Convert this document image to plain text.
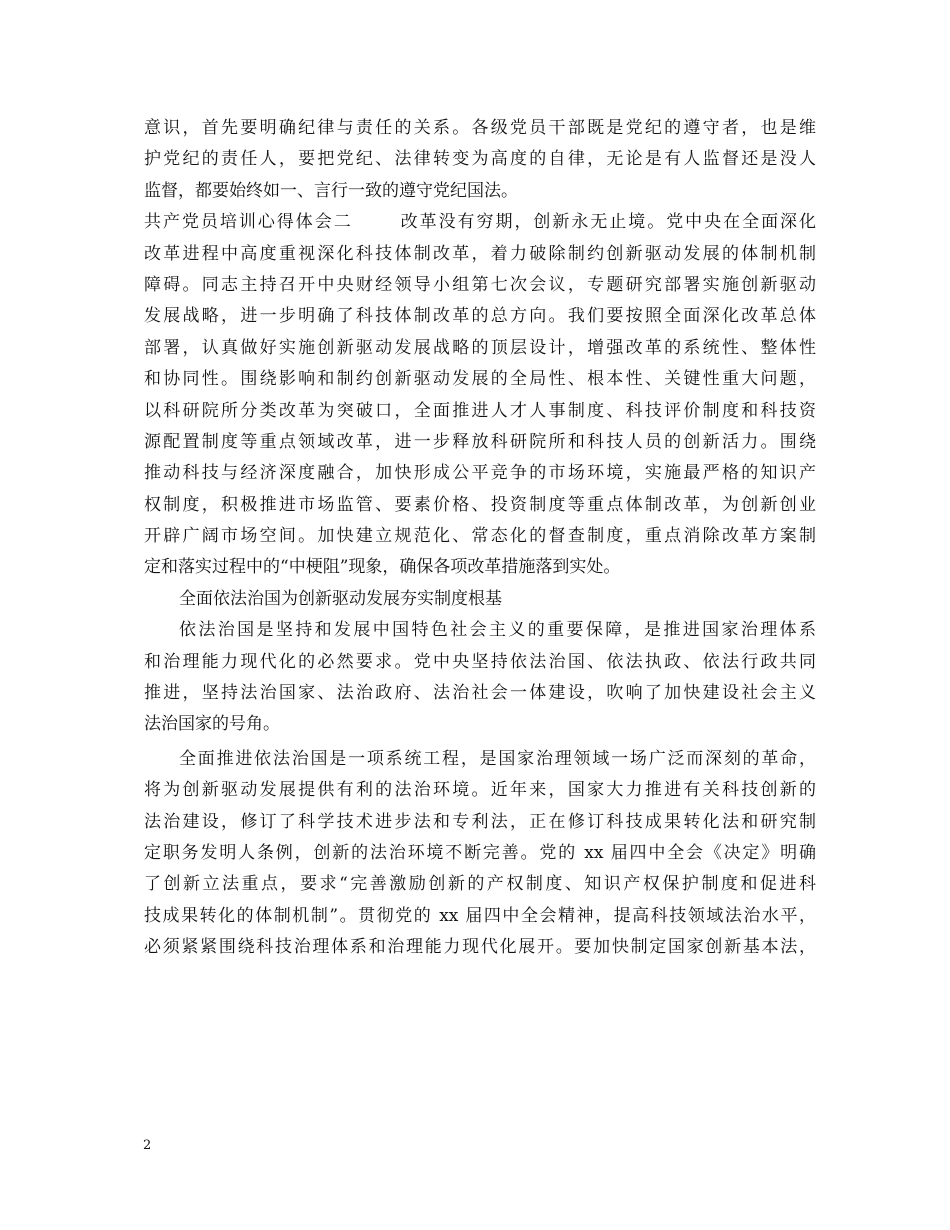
意识，首先要明确纪律与责任的关系。各级党员干部既是党纪的遵守者，也是维
护党纪的责任人，要把党纪、法律转变为高度的自律，无论是有人监督还是没人
监督，都要始终如一、言行一致的遵守党纪国法。
共产党员培训心得体会二	改革没有穷期，创新永无止境。党中央在全面深化
改革进程中高度重视深化科技体制改革，着力破除制约创新驱动发展的体制机制
障碍。同志主持召开中央财经领导小组第七次会议，专题研究部署实施创新驱动
发展战略，进一步明确了科技体制改革的总方向。我们要按照全面深化改革总体
部署，认真做好实施创新驱动发展战略的顶层设计，增强改革的系统性、整体性
和协同性。围绕影响和制约创新驱动发展的全局性、根本性、关键性重大问题，
以科研院所分类改革为突破口，全面推进人才人事制度、科技评价制度和科技资
源配置制度等重点领域改革，进一步释放科研院所和科技人员的创新活力。围绕
推动科技与经济深度融合，加快形成公平竞争的市场环境，实施最严格的知识产
权制度，积极推进市场监管、要素价格、投资制度等重点体制改革，为创新创业
开辟广阔市场空间。加快建立规范化、常态化的督查制度，重点消除改革方案制
定和落实过程中的“中梗阻”现象，确保各项改革措施落到实处。
全面依法治国为创新驱动发展夯实制度根基
依法治国是坚持和发展中国特色社会主义的重要保障，是推进国家治理体系
和治理能力现代化的必然要求。党中央坚持依法治国、依法执政、依法行政共同
推进，坚持法治国家、法治政府、法治社会一体建设，吹响了加快建设社会主义
法治国家的号角。
全面推进依法治国是一项系统工程，是国家治理领域一场广泛而深刻的革命，
将为创新驱动发展提供有利的法治环境。近年来，国家大力推进有关科技创新的
法治建设，修订了科学技术进步法和专利法，正在修订科技成果转化法和研究制
定职务发明人条例，创新的法治环境不断完善。党的 xx 届四中全会《决定》明确
了创新立法重点，要求“完善激励创新的产权制度、知识产权保护制度和促进科
技成果转化的体制机制”。贯彻党的 xx 届四中全会精神，提高科技领域法治水平，
必须紧紧围绕科技治理体系和治理能力现代化展开。要加快制定国家创新基本法，
2
